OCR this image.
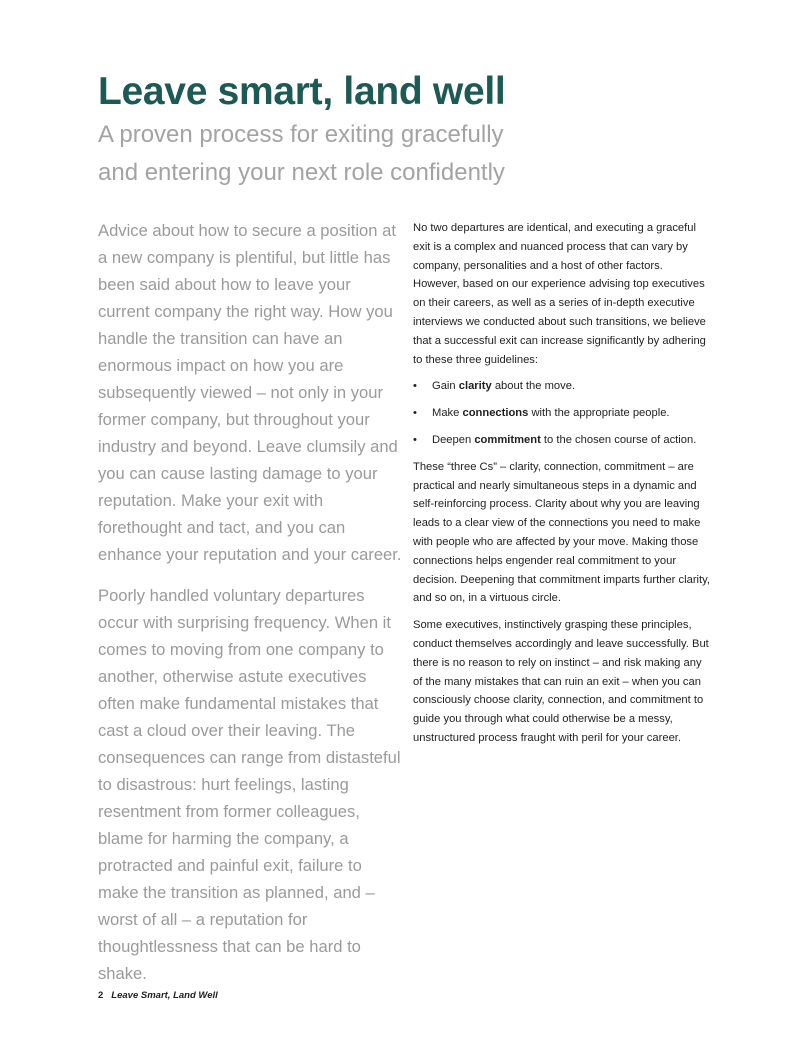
Leave smart, land well
A proven process for exiting gracefully
and entering your next role confidently

Advice about how to secure a position at a new company is plentiful, but little has been said about how to leave your current company the right way. How you handle the transition can have an enormous impact on how you are subsequently viewed – not only in your former company, but throughout your industry and beyond. Leave clumsily and you can cause lasting damage to your reputation. Make your exit with forethought and tact, and you can enhance your reputation and your career.

Poorly handled voluntary departures occur with surprising frequency. When it comes to moving from one company to another, otherwise astute executives often make fundamental mistakes that cast a cloud over their leaving. The consequences can range from distasteful to disastrous: hurt feelings, lasting resentment from former colleagues, blame for harming the company, a protracted and painful exit, failure to make the transition as planned, and – worst of all – a reputation for thoughtlessness that can be hard to shake.

No two departures are identical, and executing a graceful exit is a complex and nuanced process that can vary by company, personalities and a host of other factors. However, based on our experience advising top executives on their careers, as well as a series of in-depth executive interviews we conducted about such transitions, we believe that a successful exit can increase significantly by adhering to these three guidelines:

• Gain clarity about the move.
• Make connections with the appropriate people.
• Deepen commitment to the chosen course of action.

These “three Cs” – clarity, connection, commitment – are practical and nearly simultaneous steps in a dynamic and self-reinforcing process. Clarity about why you are leaving leads to a clear view of the connections you need to make with people who are affected by your move. Making those connections helps engender real commitment to your decision. Deepening that commitment imparts further clarity, and so on, in a virtuous circle.

Some executives, instinctively grasping these principles, conduct themselves accordingly and leave successfully. But there is no reason to rely on instinct – and risk making any of the many mistakes that can ruin an exit – when you can consciously choose clarity, connection, and commitment to guide you through what could otherwise be a messy, unstructured process fraught with peril for your career.

2 Leave Smart, Land Well
